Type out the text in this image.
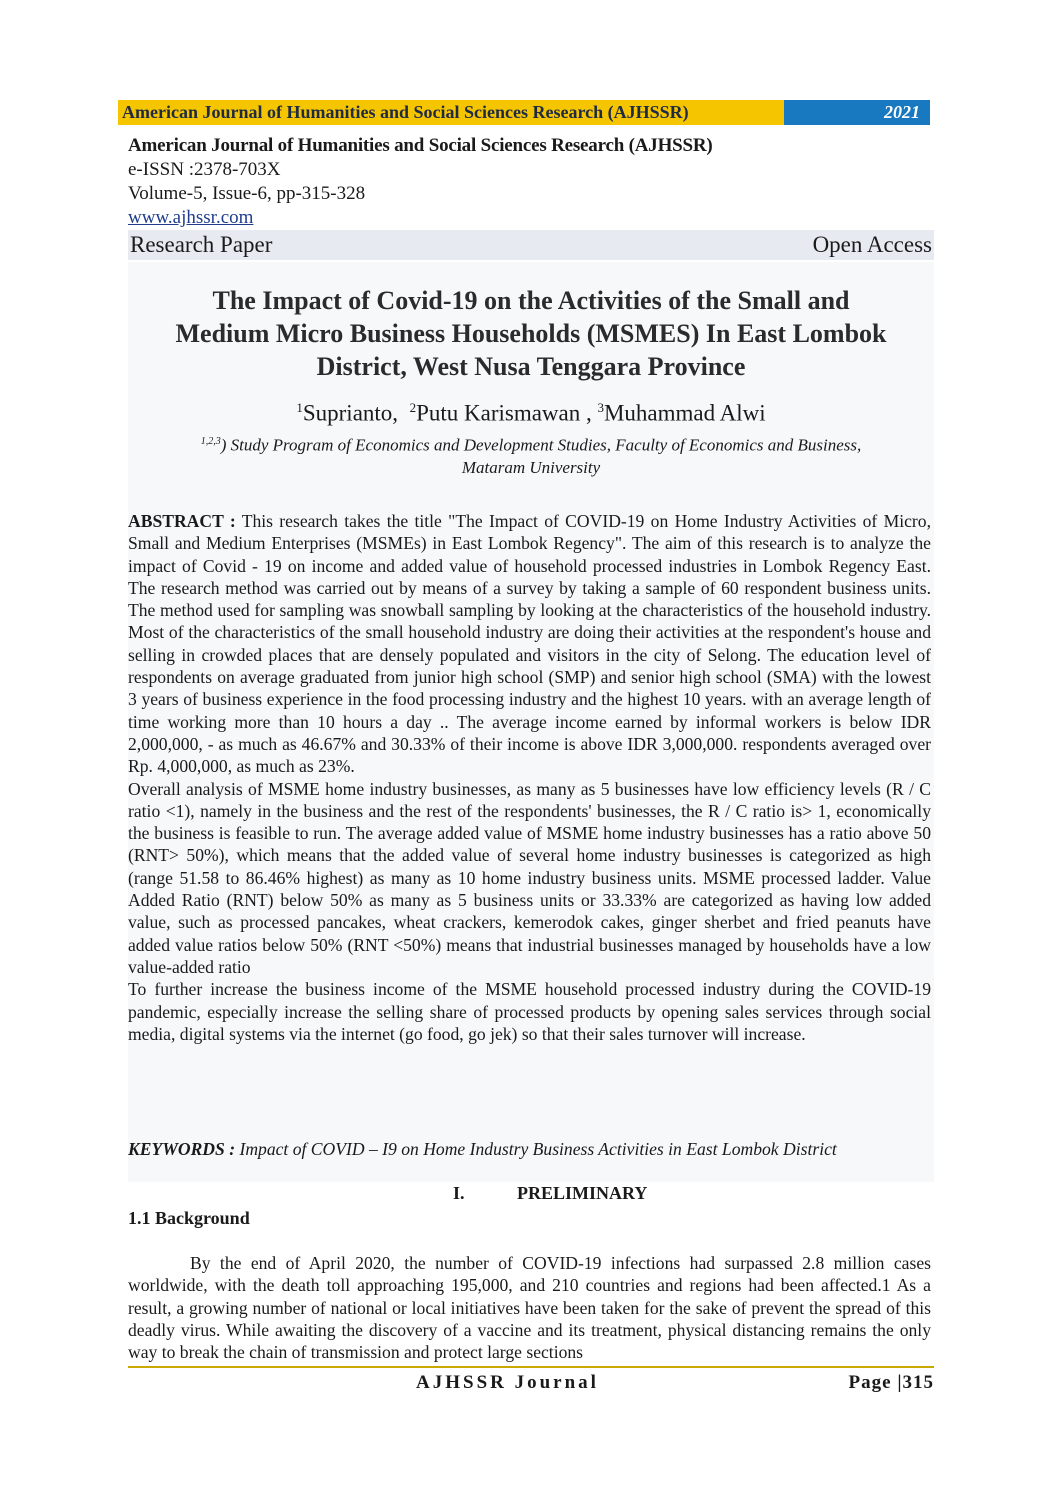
American Journal of Humanities and Social Sciences Research (AJHSSR)	2021
American Journal of Humanities and Social Sciences Research (AJHSSR)
e-ISSN :2378-703X
Volume-5, Issue-6, pp-315-328
www.ajhssr.com
Research Paper	Open Access
The Impact of Covid-19 on the Activities of the Small and
Medium Micro Business Households (MSMES) In East Lombok
District, West Nusa Tenggara Province
$^1$Suprianto, $^2$Putu Karismawan , $^3$Muhammad Alwi
$^{1,2,3}$) Study Program of Economics and Development Studies, Faculty of Economics and Business,
Mataram University

ABSTRACT : This research takes the title "The Impact of COVID-19 on Home Industry Activities of Micro, Small and Medium Enterprises (MSMEs) in East Lombok Regency". The aim of this research is to analyze the impact of Covid - 19 on income and added value of household processed industries in Lombok Regency East. The research method was carried out by means of a survey by taking a sample of 60 respondent business units. The method used for sampling was snowball sampling by looking at the characteristics of the household industry. Most of the characteristics of the small household industry are doing their activities at the respondent's house and selling in crowded places that are densely populated and visitors in the city of Selong. The education level of respondents on average graduated from junior high school (SMP) and senior high school (SMA) with the lowest 3 years of business experience in the food processing industry and the highest 10 years. with an average length of time working more than 10 hours a day .. The average income earned by informal workers is below IDR 2,000,000, - as much as 46.67% and 30.33% of their income is above IDR 3,000,000. respondents averaged over Rp. 4,000,000, as much as 23%.

Overall analysis of MSME home industry businesses, as many as 5 businesses have low efficiency levels (R / C ratio <1), namely in the business and the rest of the respondents' businesses, the R / C ratio is> 1, economically the business is feasible to run. The average added value of MSME home industry businesses has a ratio above 50 (RNT> 50%), which means that the added value of several home industry businesses is categorized as high (range 51.58 to 86.46% highest) as many as 10 home industry business units. MSME processed ladder. Value Added Ratio (RNT) below 50% as many as 5 business units or 33.33% are categorized as having low added value, such as processed pancakes, wheat crackers, kemerodok cakes, ginger sherbet and fried peanuts have added value ratios below 50% (RNT <50%) means that industrial businesses managed by households have a low value-added ratio

To further increase the business income of the MSME household processed industry during the COVID-19 pandemic, especially increase the selling share of processed products by opening sales services through social media, digital systems via the internet (go food, go jek) so that their sales turnover will increase.

KEYWORDS : Impact of COVID – I9 on Home Industry Business Activities in East Lombok District
I.	PRELIMINARY
1.1 Background

By the end of April 2020, the number of COVID-19 infections had surpassed 2.8 million cases worldwide, with the death toll approaching 195,000, and 210 countries and regions had been affected.1 As a result, a growing number of national or local initiatives have been taken for the sake of prevent the spread of this deadly virus. While awaiting the discovery of a vaccine and its treatment, physical distancing remains the only way to break the chain of transmission and protect large sections

AJHSSR Journal	Page |315
